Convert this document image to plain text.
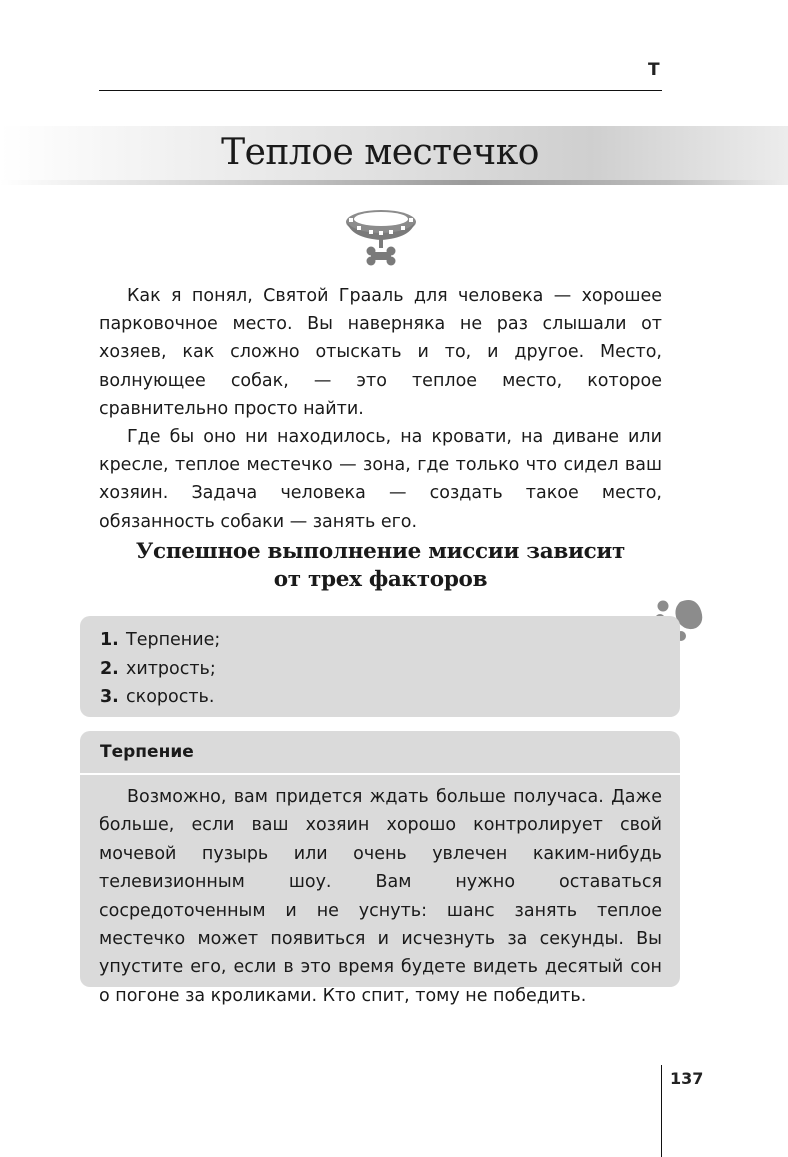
Т
Теплое местечко

Как я понял, Святой Грааль для человека — хорошее парковочное место. Вы наверняка не раз слышали от хозяев, как сложно отыскать и то, и другое. Место, волнующее собак, — это теплое место, которое сравнительно просто найти.

Где бы оно ни находилось, на кровати, на диване или кресле, теплое местечко — зона, где только что сидел ваш хозяин. Задача человека — создать такое место, обязанность собаки — занять его.

Успешное выполнение миссии зависит
от трех факторов
1. Терпение;
2. хитрость;
3. скорость.
Терпение

Возможно, вам придется ждать больше получаса. Даже больше, если ваш хозяин хорошо контролирует свой мочевой пузырь или очень увлечен каким-нибудь телевизионным шоу. Вам нужно оставаться сосредоточенным и не уснуть: шанс занять теплое местечко может появиться и исчезнуть за секунды. Вы упустите его, если в это время будете видеть десятый сон о погоне за кроликами. Кто спит, тому не победить.

137
